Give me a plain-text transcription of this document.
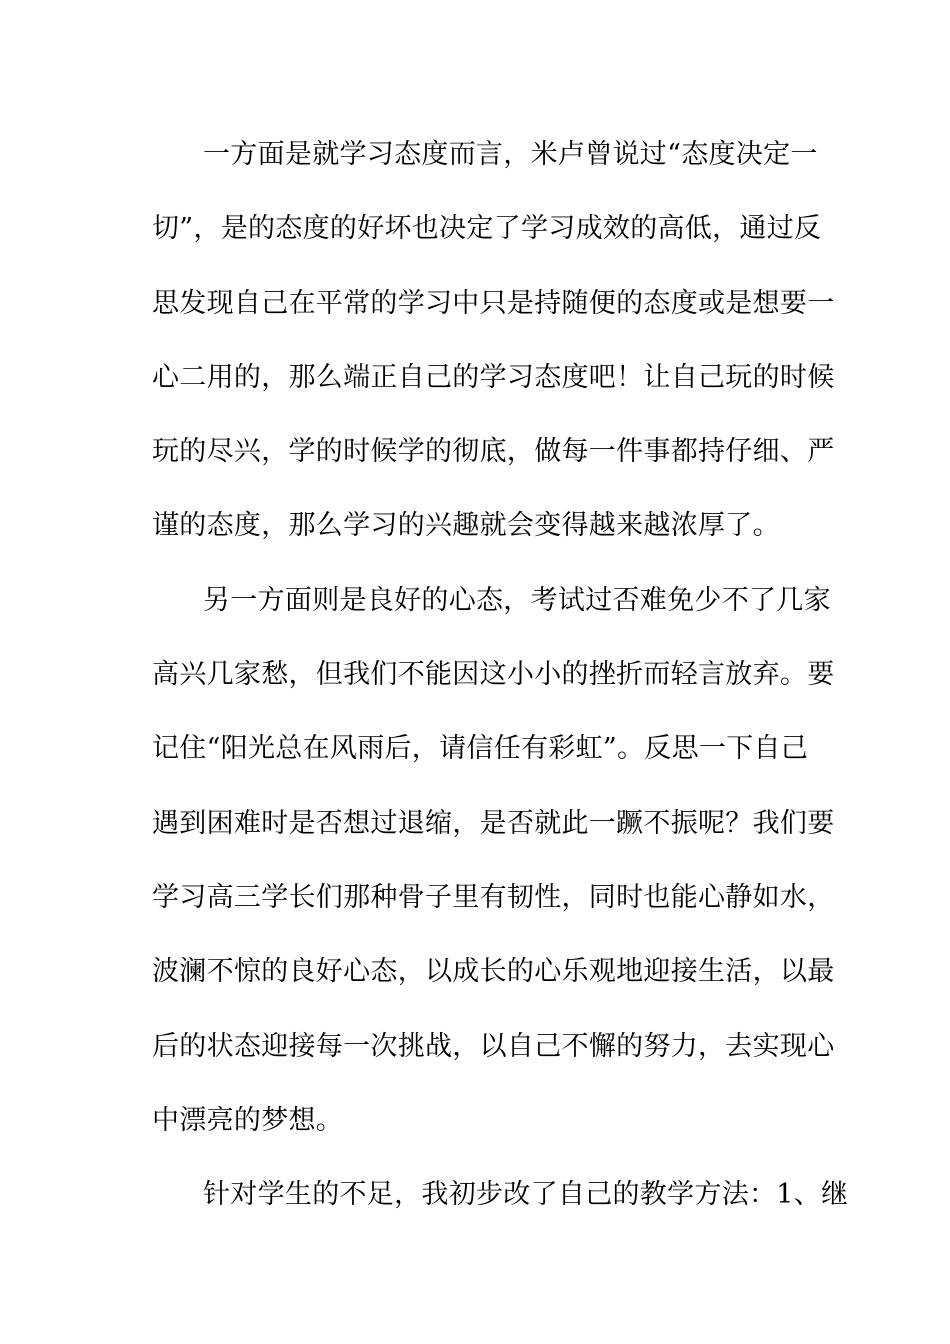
一方面是就学习态度而言，米卢曾说过“态度决定一
切”，是的态度的好坏也决定了学习成效的高低，通过反
思发现自己在平常的学习中只是持随便的态度或是想要一
心二用的，那么端正自己的学习态度吧！让自己玩的时候
玩的尽兴，学的时候学的彻底，做每一件事都持仔细、严
谨的态度，那么学习的兴趣就会变得越来越浓厚了。
另一方面则是良好的心态，考试过否难免少不了几家
高兴几家愁，但我们不能因这小小的挫折而轻言放弃。要
记住“阳光总在风雨后，请信任有彩虹”。反思一下自己
遇到困难时是否想过退缩，是否就此一蹶不振呢？我们要
学习高三学长们那种骨子里有韧性，同时也能心静如水，
波澜不惊的良好心态，以成长的心乐观地迎接生活，以最
后的状态迎接每一次挑战，以自己不懈的努力，去实现心
中漂亮的梦想。
针对学生的不足，我初步改了自己的教学方法：1、继
